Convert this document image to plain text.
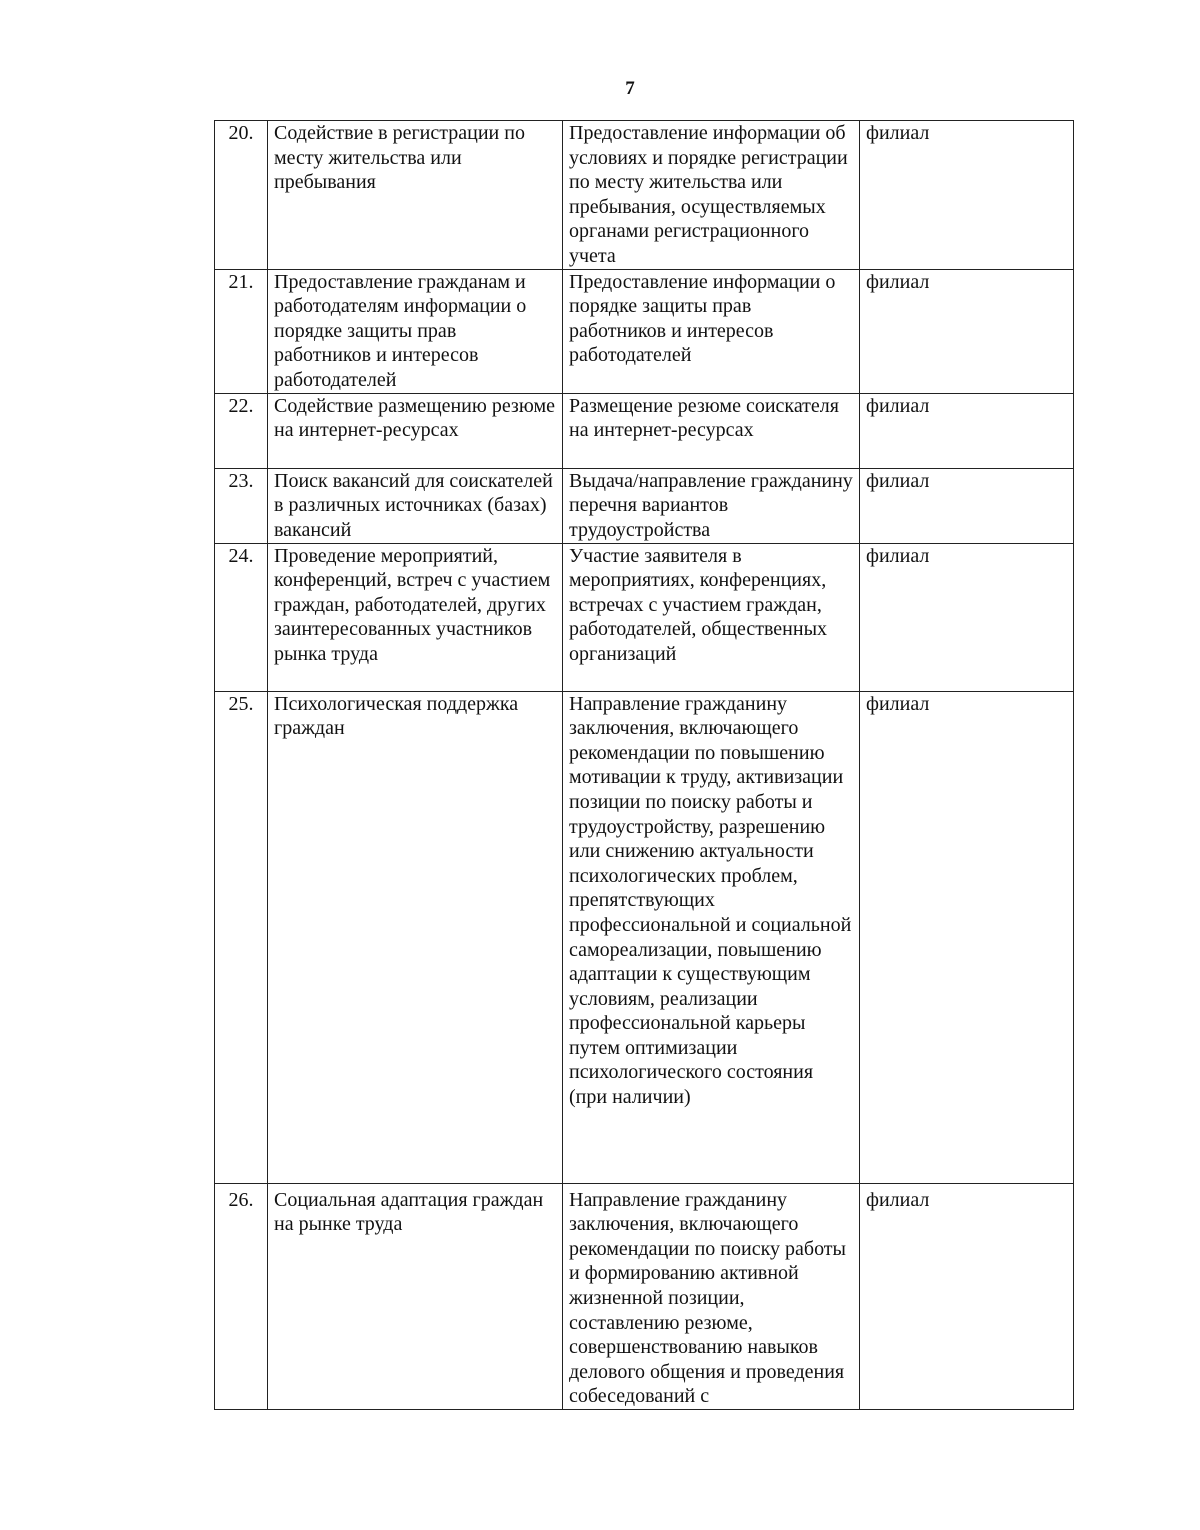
7
20.	Содействие в регистрации по месту жительства или пребывания	Предоставление информации об условиях и порядке регистрации по месту жительства или пребывания, осуществляемых органами регистрационного учета	филиал
21.	Предоставление гражданам и работодателям информации о порядке защиты прав работников и интересов работодателей	Предоставление информации о порядке защиты прав работников и интересов работодателей	филиал
22.	Содействие размещению резюме на интернет-ресурсах	Размещение резюме соискателя на интернет-ресурсах	филиал
23.	Поиск вакансий для соискателей в различных источниках (базах) вакансий	Выдача/направление гражданину перечня вариантов трудоустройства	филиал
24.	Проведение мероприятий, конференций, встреч с участием граждан, работодателей, других заинтересованных участников рынка труда	Участие заявителя в мероприятиях, конференциях, встречах с участием граждан, работодателей, общественных организаций	филиал
25.	Психологическая поддержка граждан	Направление гражданину заключения, включающего рекомендации по повышению мотивации к труду, активизации позиции по поиску работы и трудоустройству, разрешению или снижению актуальности психологических проблем, препятствующих профессиональной и социальной самореализации, повышению адаптации к существующим условиям, реализации профессиональной карьеры путем оптимизации психологического состояния (при наличии)	филиал
26.	Социальная адаптация граждан на рынке труда	Направление гражданину заключения, включающего рекомендации по поиску работы и формированию активной жизненной позиции, составлению резюме, совершенствованию навыков делового общения и проведения собеседований с	филиал
